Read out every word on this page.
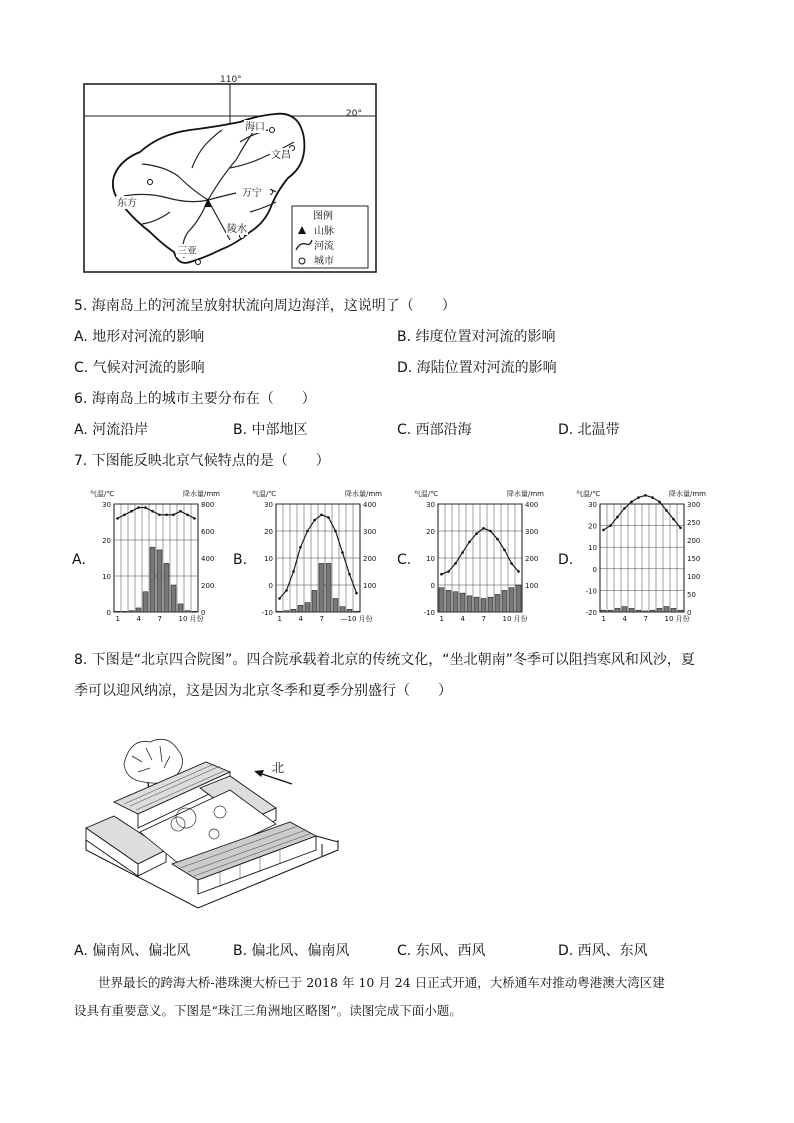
110°
20°
海口
文昌
东方
万宁
陵水
三亚
图例
山脉
河流
城市
5. 海南岛上的河流呈放射状流向周边海洋，这说明了（　　）
A. 地形对河流的影响	B. 纬度位置对河流的影响
C. 气候对河流的影响	D. 海陆位置对河流的影响
6. 海南岛上的城市主要分布在（　　）
A. 河流沿岸	B. 中部地区	C. 西部沿海	D. 北温带
7. 下图能反映北京气候特点的是（　　）
A.	B.	C.	D.
气温/℃	降水量/mm
30
20
10
0
800
600
400
200
0
1 4 7 10 月份
气温/℃	降水量/mm
30
20
10
0
-10
400
300
200
100
1 4 7 —10 月份
气温/℃	降水量/mm
30
20
10
0
-10
400
300
200
100
1 4 7 10 月份
气温/℃	降水量/mm
30
20
10
0
-10
-20
300
250
200
150
100
50
0
1 4 7 10 月份
8. 下图是“北京四合院图”。四合院承载着北京的传统文化，“坐北朝南”冬季可以阻挡寒风和风沙，夏
季可以迎风纳凉，这是因为北京冬季和夏季分别盛行（　　）
北
A. 偏南风、偏北风	B. 偏北风、偏南风	C. 东风、西风	D. 西风、东风
世界最长的跨海大桥-港珠澳大桥已于 2018 年 10 月 24 日正式开通，大桥通车对推动粤港澳大湾区建
设具有重要意义。下图是“珠江三角洲地区略图”。读图完成下面小题。
